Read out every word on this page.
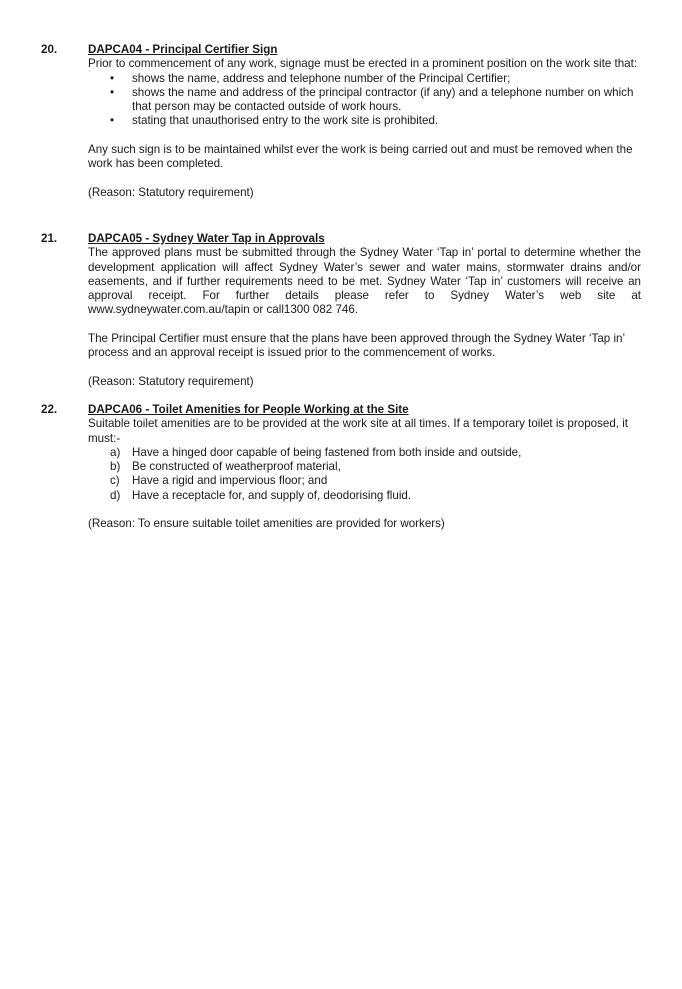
20.	DAPCA04 - Principal Certifier Sign

Prior to commencement of any work, signage must be erected in a prominent position on the work site that:

• shows the name, address and telephone number of the Principal Certifier;
• shows the name and address of the principal contractor (if any) and a telephone number on which that person may be contacted outside of work hours.
• stating that unauthorised entry to the work site is prohibited.

Any such sign is to be maintained whilst ever the work is being carried out and must be removed when the work has been completed.

(Reason: Statutory requirement)

21.	DAPCA05 - Sydney Water Tap in Approvals

The approved plans must be submitted through the Sydney Water ‘Tap in’ portal to determine whether the development application will affect Sydney Water’s sewer and water mains, stormwater drains and/or easements, and if further requirements need to be met. Sydney Water ‘Tap in’ customers will receive an approval receipt. For further details please refer to Sydney Water’s web site at www.sydneywater.com.au/tapin or call1300 082 746.

The Principal Certifier must ensure that the plans have been approved through the Sydney Water ‘Tap in’ process and an approval receipt is issued prior to the commencement of works.

(Reason: Statutory requirement)

22.	DAPCA06 - Toilet Amenities for People Working at the Site

Suitable toilet amenities are to be provided at the work site at all times. If a temporary toilet is proposed, it must:-

a) Have a hinged door capable of being fastened from both inside and outside,
b) Be constructed of weatherproof material,
c) Have a rigid and impervious floor; and
d) Have a receptacle for, and supply of, deodorising fluid.

(Reason: To ensure suitable toilet amenities are provided for workers)
